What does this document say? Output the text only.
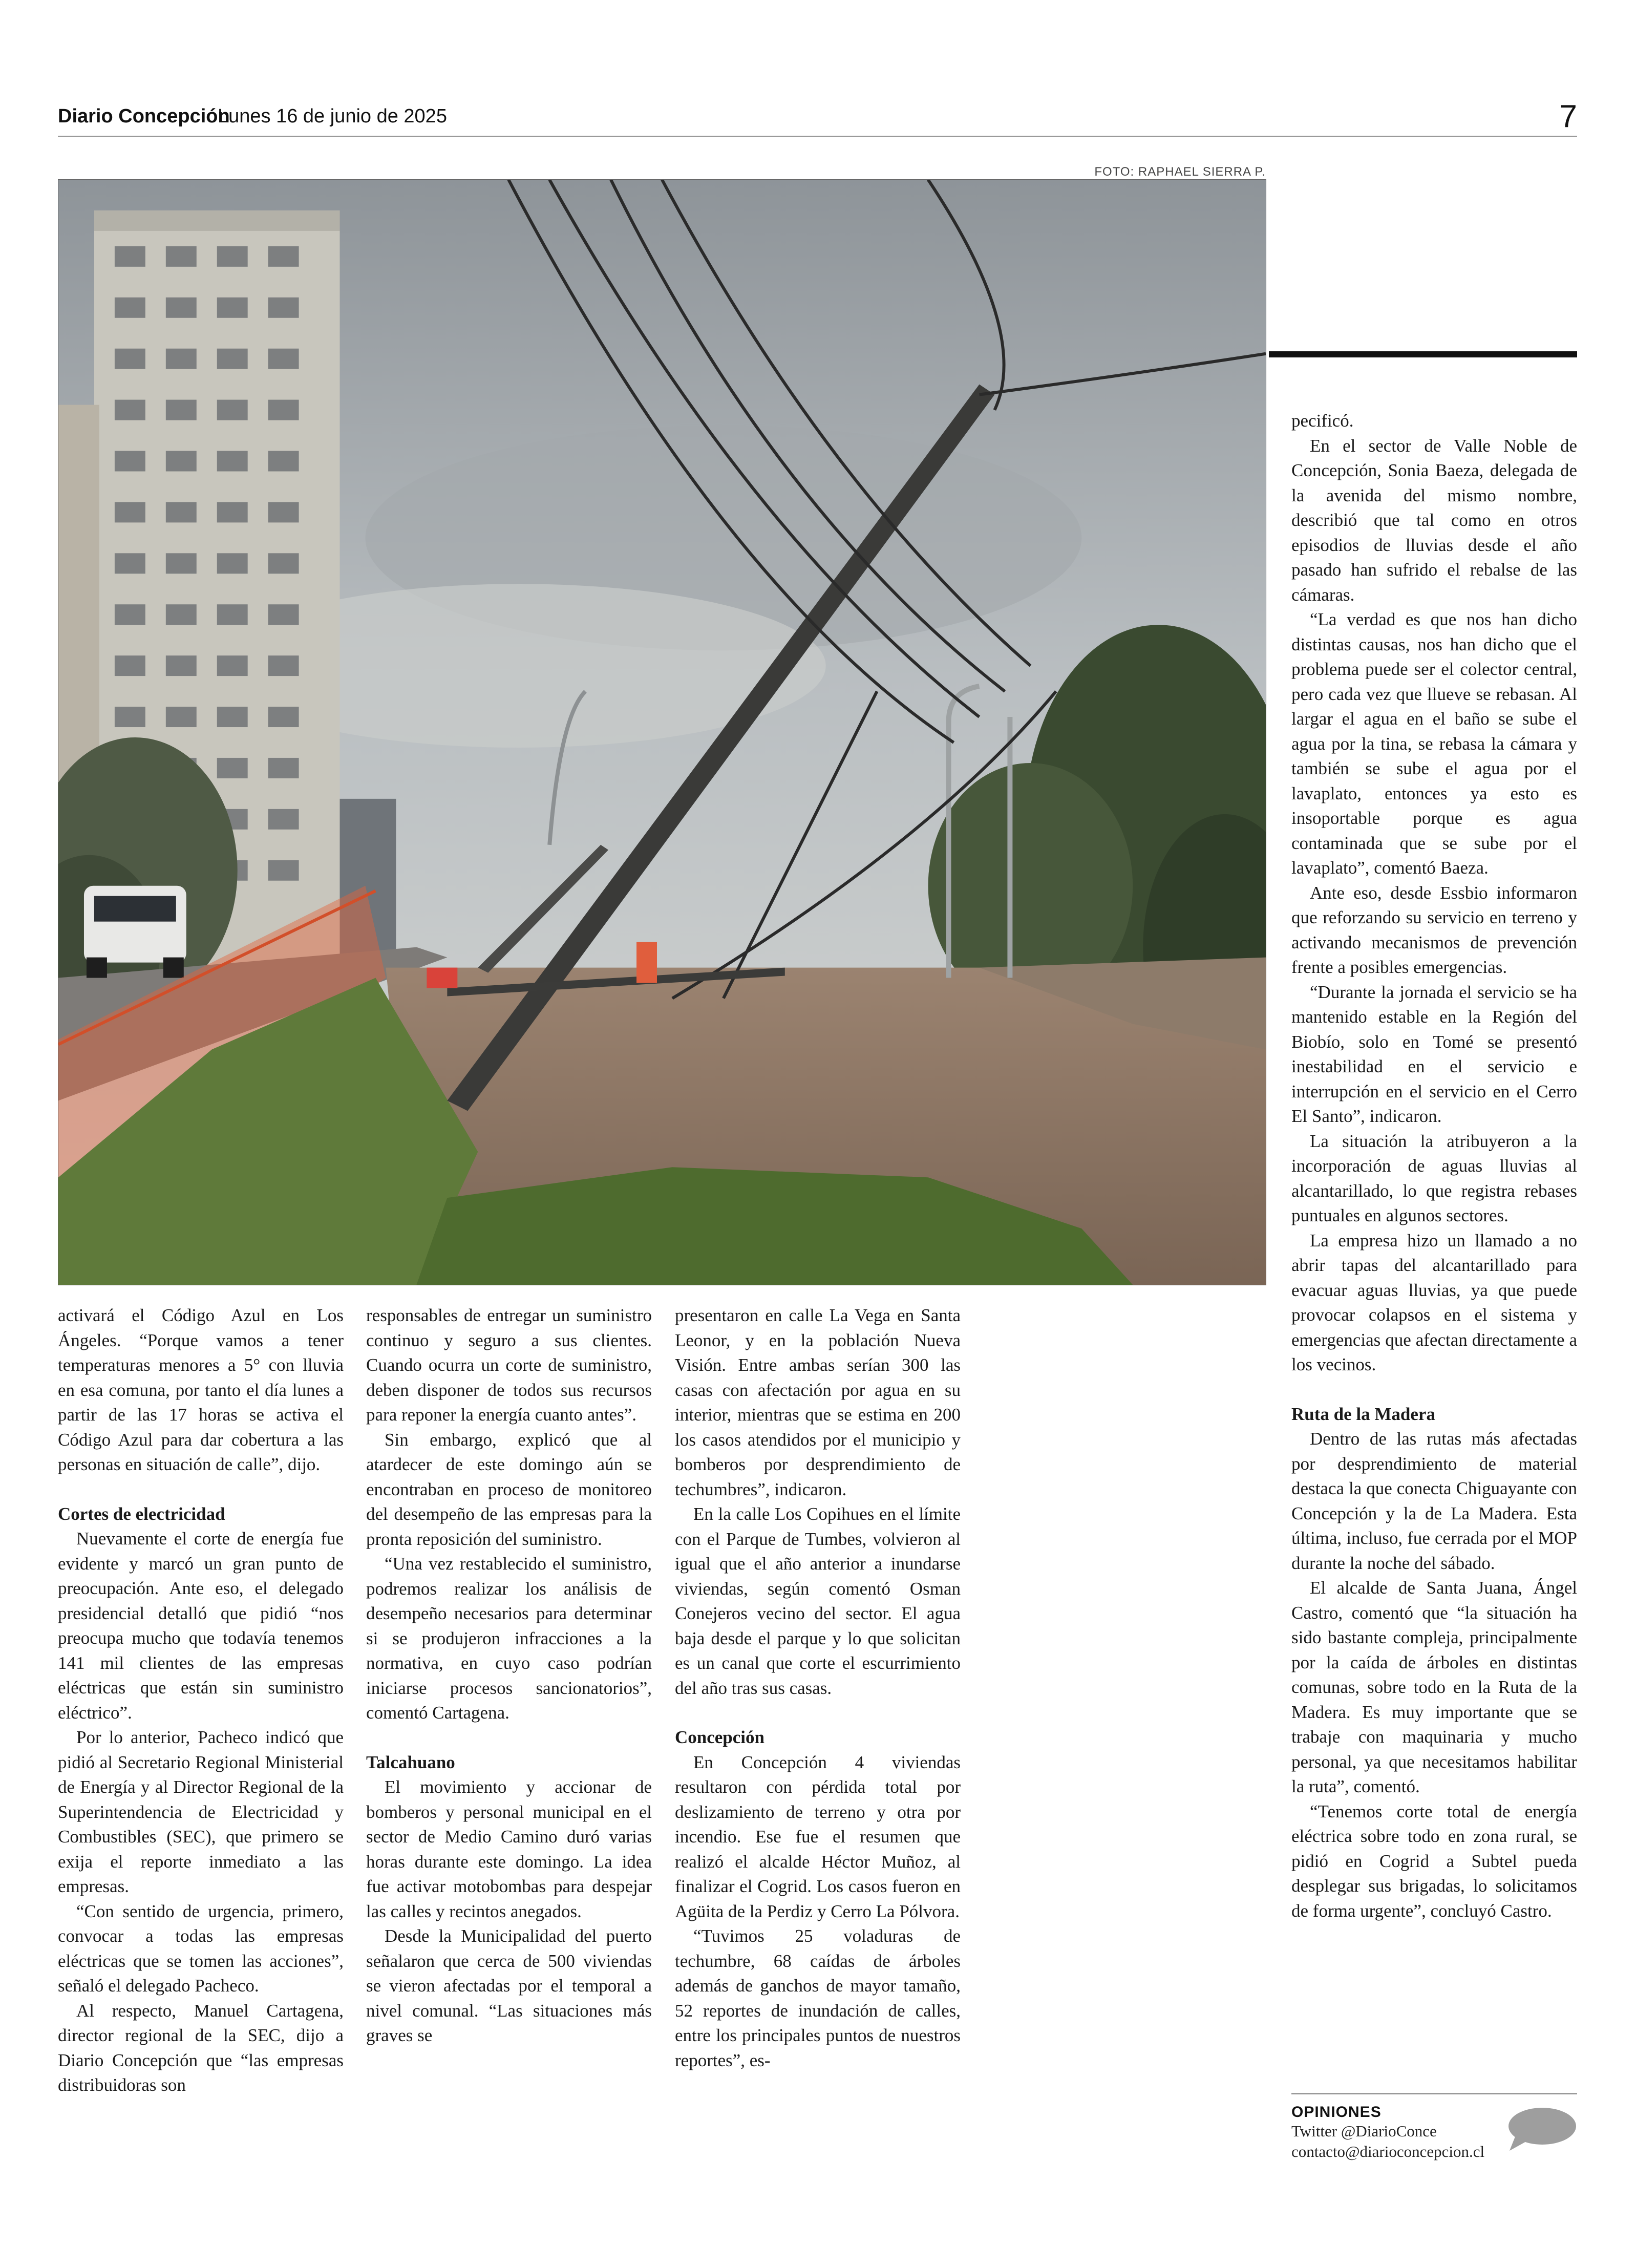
Diario Concepción
Lunes 16 de junio de 2025	7
FOTO: RAPHAEL SIERRA P.

activará el Código Azul en Los Ángeles. “Porque vamos a tener temperaturas menores a 5° con lluvia en esa comuna, por tanto el día lunes a partir de las 17 horas se activa el Código Azul para dar cobertura a las personas en situación de calle”, dijo.

Cortes de electricidad

Nuevamente el corte de energía fue evidente y marcó un gran punto de preocupación. Ante eso, el delegado presidencial detalló que pidió “nos preocupa mucho que todavía tenemos 141 mil clientes de las empresas eléctricas que están sin suministro eléctrico”.

Por lo anterior, Pacheco indicó que pidió al Secretario Regional Ministerial de Energía y al Director Regional de la Superintendencia de Electricidad y Combustibles (SEC), que primero se exija el reporte inmediato a las empresas.

“Con sentido de urgencia, primero, convocar a todas las empresas eléctricas que se tomen las acciones”, señaló el delegado Pacheco.

Al respecto, Manuel Cartagena, director regional de la SEC, dijo a Diario Concepción que “las empresas distribuidoras son

responsables de entregar un suministro continuo y seguro a sus clientes. Cuando ocurra un corte de suministro, deben disponer de todos sus recursos para reponer la energía cuanto antes”.

Sin embargo, explicó que al atardecer de este domingo aún se encontraban en proceso de monitoreo del desempeño de las empresas para la pronta reposición del suministro.

“Una vez restablecido el suministro, podremos realizar los análisis de desempeño necesarios para determinar si se produjeron infracciones a la normativa, en cuyo caso podrían iniciarse procesos sancionatorios”, comentó Cartagena.

Talcahuano

El movimiento y accionar de bomberos y personal municipal en el sector de Medio Camino duró varias horas durante este domingo. La idea fue activar motobombas para despejar las calles y recintos anegados.

Desde la Municipalidad del puerto señalaron que cerca de 500 viviendas se vieron afectadas por el temporal a nivel comunal. “Las situaciones más graves se

presentaron en calle La Vega en Santa Leonor, y en la población Nueva Visión. Entre ambas serían 300 las casas con afectación por agua en su interior, mientras que se estima en 200 los casos atendidos por el municipio y bomberos por desprendimiento de techumbres”, indicaron.

En la calle Los Copihues en el límite con el Parque de Tumbes, volvieron al igual que el año anterior a inundarse viviendas, según comentó Osman Conejeros vecino del sector. El agua baja desde el parque y lo que solicitan es un canal que corte el escurrimiento del año tras sus casas.

Concepción

En Concepción 4 viviendas resultaron con pérdida total por deslizamiento de terreno y otra por incendio. Ese fue el resumen que realizó el alcalde Héctor Muñoz, al finalizar el Cogrid. Los casos fueron en Agüita de la Perdiz y Cerro La Pólvora.

“Tuvimos 25 voladuras de techumbre, 68 caídas de árboles además de ganchos de mayor tamaño, 52 reportes de inundación de calles, entre los principales puntos de nuestros reportes”, es-

pecificó.

En el sector de Valle Noble de Concepción, Sonia Baeza, delegada de la avenida del mismo nombre, describió que tal como en otros episodios de lluvias desde el año pasado han sufrido el rebalse de las cámaras.

“La verdad es que nos han dicho distintas causas, nos han dicho que el problema puede ser el colector central, pero cada vez que llueve se rebasan. Al largar el agua en el baño se sube el agua por la tina, se rebasa la cámara y también se sube el agua por el lavaplato, entonces ya esto es insoportable porque es agua contaminada que se sube por el lavaplato”, comentó Baeza.

Ante eso, desde Essbio informaron que reforzando su servicio en terreno y activando mecanismos de prevención frente a posibles emergencias.

“Durante la jornada el servicio se ha mantenido estable en la Región del Biobío, solo en Tomé se presentó inestabilidad en el servicio e interrupción en el servicio en el Cerro El Santo”, indicaron.

La situación la atribuyeron a la incorporación de aguas lluvias al alcantarillado, lo que registra rebases puntuales en algunos sectores.

La empresa hizo un llamado a no abrir tapas del alcantarillado para evacuar aguas lluvias, ya que puede provocar colapsos en el sistema y emergencias que afectan directamente a los vecinos.

Ruta de la Madera

Dentro de las rutas más afectadas por desprendimiento de material destaca la que conecta Chiguayante con Concepción y la de La Madera. Esta última, incluso, fue cerrada por el MOP durante la noche del sábado.

El alcalde de Santa Juana, Ángel Castro, comentó que “la situación ha sido bastante compleja, principalmente por la caída de árboles en distintas comunas, sobre todo en la Ruta de la Madera. Es muy importante que se trabaje con maquinaria y mucho personal, ya que necesitamos habilitar la ruta”, comentó.

“Tenemos corte total de energía eléctrica sobre todo en zona rural, se pidió en Cogrid a Subtel pueda desplegar sus brigadas, lo solicitamos de forma urgente”, concluyó Castro.

OPINIONES
Twitter @DiarioConce
contacto@diarioconcepcion.cl
